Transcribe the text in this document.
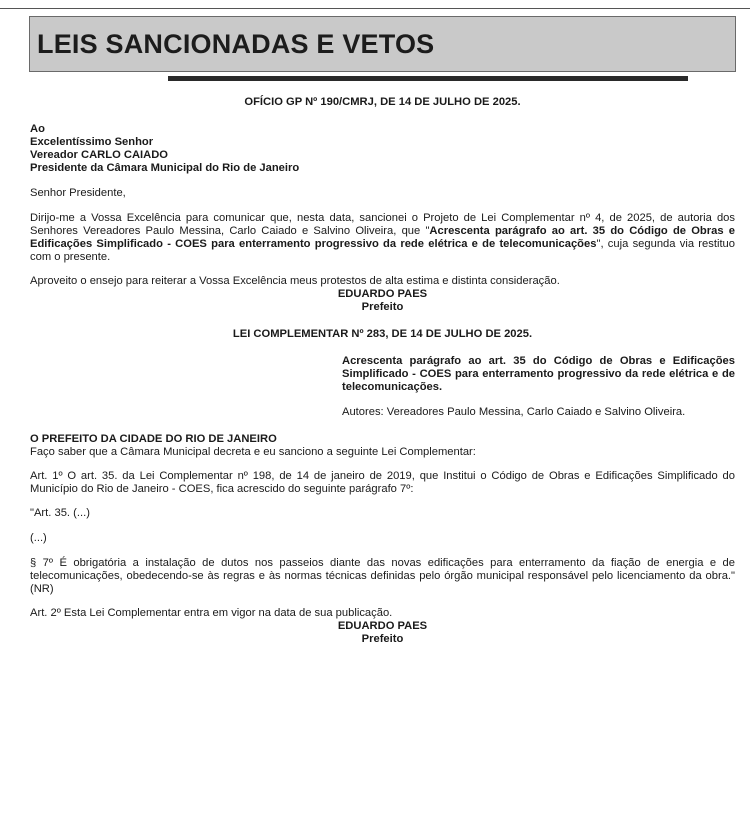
LEIS SANCIONADAS E VETOS

OFÍCIO GP Nº 190/CMRJ, DE 14 DE JULHO DE 2025.

Ao

Excelentíssimo Senhor

Vereador CARLO CAIADO

Presidente da Câmara Municipal do Rio de Janeiro

Senhor Presidente,

Dirijo-me a Vossa Excelência para comunicar que, nesta data, sancionei o Projeto de Lei Complementar nº 4, de 2025, de autoria dos Senhores Vereadores Paulo Messina, Carlo Caiado e Salvino Oliveira, que "Acrescenta parágrafo ao art. 35 do Código de Obras e Edificações Simplificado - COES para enterramento progressivo da rede elétrica e de telecomunicações", cuja segunda via restituo com o presente.

Aproveito o ensejo para reiterar a Vossa Excelência meus protestos de alta estima e distinta consideração.

EDUARDO PAES

Prefeito

LEI COMPLEMENTAR Nº 283, DE 14 DE JULHO DE 2025.

Acrescenta parágrafo ao art. 35 do Código de Obras e Edificações Simplificado - COES para enterramento progressivo da rede elétrica e de telecomunicações.

Autores: Vereadores Paulo Messina, Carlo Caiado e Salvino Oliveira.

O PREFEITO DA CIDADE DO RIO DE JANEIRO

Faço saber que a Câmara Municipal decreta e eu sanciono a seguinte Lei Complementar:

Art. 1º O art. 35. da Lei Complementar nº 198, de 14 de janeiro de 2019, que Institui o Código de Obras e Edificações Simplificado do Município do Rio de Janeiro - COES, fica acrescido do seguinte parágrafo 7º:

"Art. 35. (...)

(...)

§ 7º É obrigatória a instalação de dutos nos passeios diante das novas edificações para enterramento da fiação de energia e de telecomunicações, obedecendo-se às regras e às normas técnicas definidas pelo órgão municipal responsável pelo licenciamento da obra." (NR)

Art. 2º Esta Lei Complementar entra em vigor na data de sua publicação.

EDUARDO PAES

Prefeito
